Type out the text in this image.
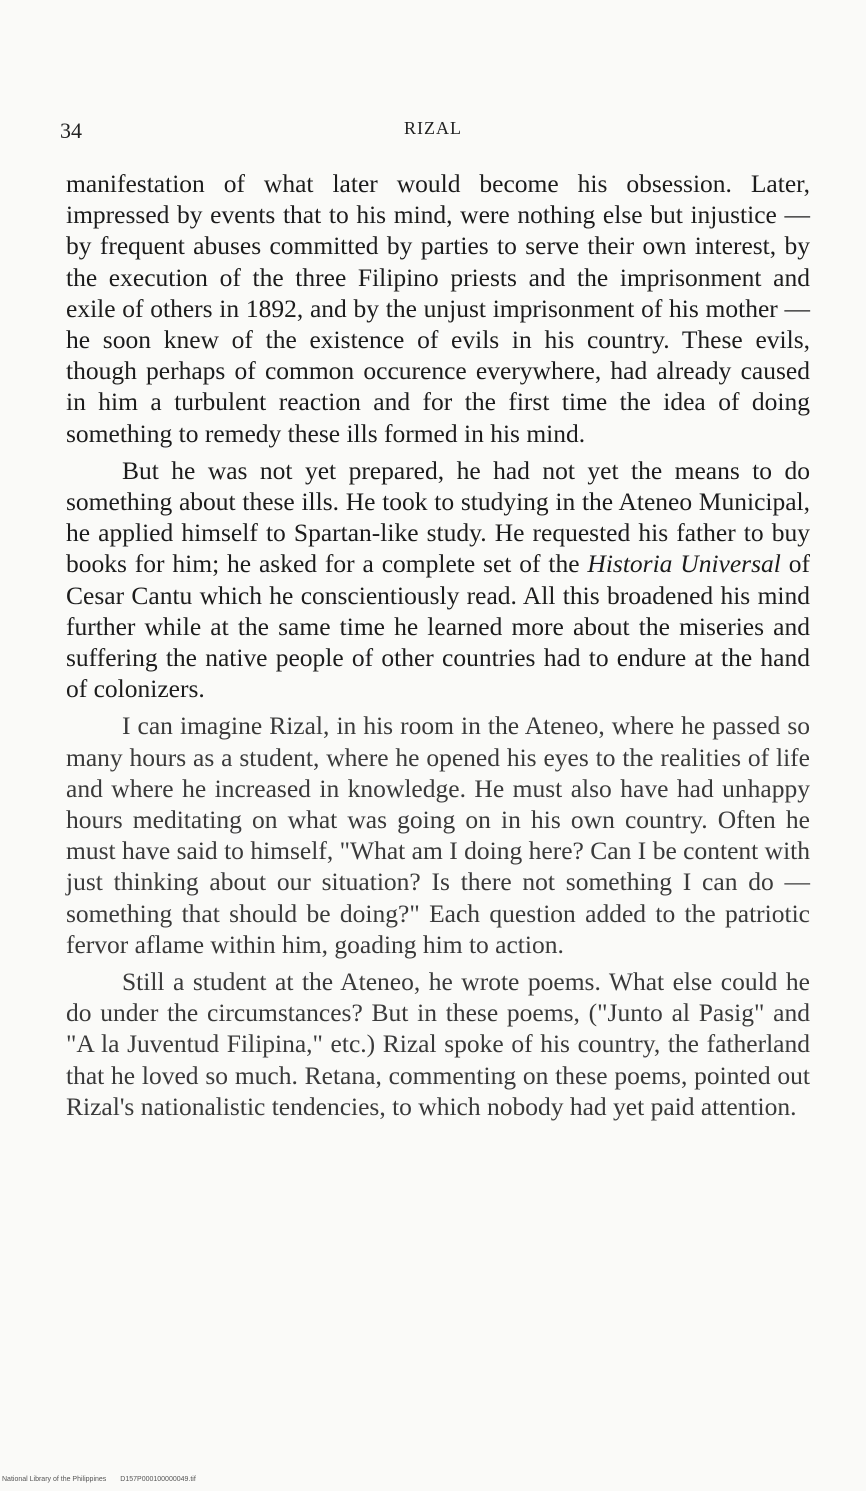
34	RIZAL

manifestation of what later would become his obsession. Later, impressed by events that to his mind, were nothing else but injustice — by frequent abuses committed by parties to serve their own interest, by the execution of the three Filipino priests and the imprisonment and exile of others in 1892, and by the unjust imprisonment of his mother — he soon knew of the existence of evils in his country. These evils, though perhaps of common occurence everywhere, had already caused in him a turbulent reaction and for the first time the idea of doing something to remedy these ills formed in his mind.

But he was not yet prepared, he had not yet the means to do something about these ills. He took to studying in the Ateneo Municipal, he applied himself to Spartan-like study. He requested his father to buy books for him; he asked for a complete set of the Historia Universal of Cesar Cantu which he conscientiously read. All this broadened his mind further while at the same time he learned more about the miseries and suffering the native people of other countries had to endure at the hand of colonizers.

I can imagine Rizal, in his room in the Ateneo, where he passed so many hours as a student, where he opened his eyes to the realities of life and where he increased in knowledge. He must also have had unhappy hours meditating on what was going on in his own country. Often he must have said to himself, "What am I doing here? Can I be content with just thinking about our situation? Is there not something I can do — something that should be doing?" Each question added to the patriotic fervor aflame within him, goading him to action.

Still a student at the Ateneo, he wrote poems. What else could he do under the circumstances? But in these poems, ("Junto al Pasig" and "A la Juventud Filipina," etc.) Rizal spoke of his country, the fatherland that he loved so much. Retana, commenting on these poems, pointed out Rizal's nationalistic tendencies, to which nobody had yet paid attention.

National Library of the Philippines D157P000100000049.tif
